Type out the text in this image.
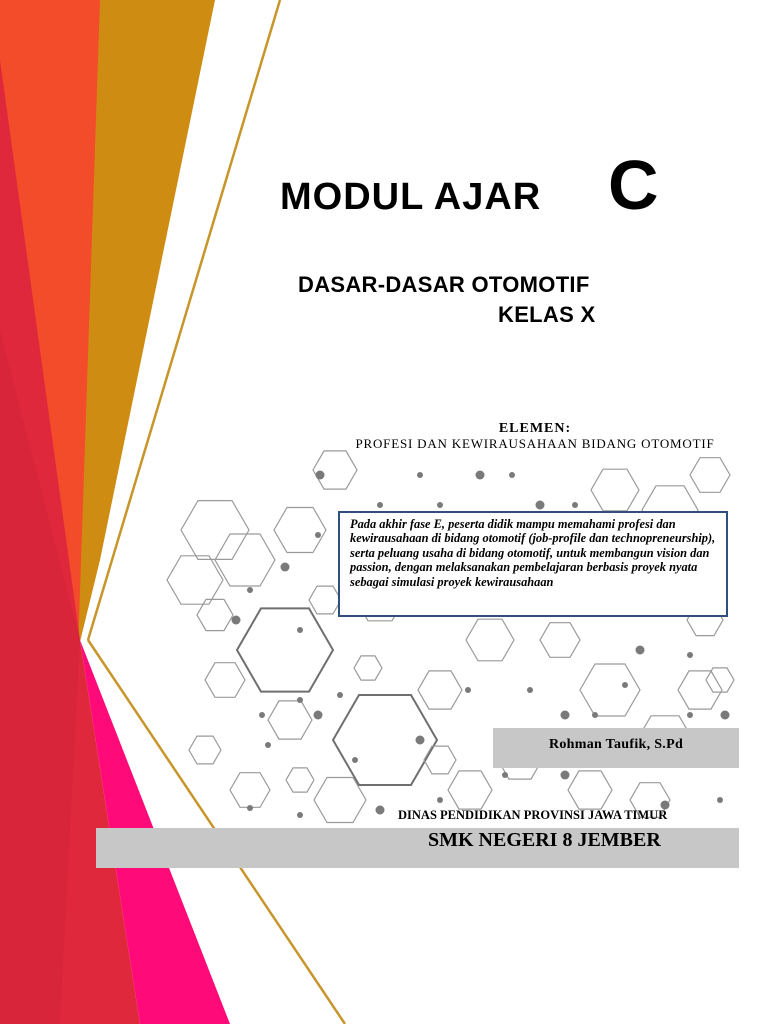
MODUL AJAR C
DASAR-DASAR OTOMOTIF
KELAS X
ELEMEN:
PROFESI DAN KEWIRAUSAHAAN BIDANG OTOMOTIF
Pada akhir fase E, peserta didik mampu memahami profesi dan kewirausahaan di bidang otomotif (job-profile dan technopreneurship), serta peluang usaha di bidang otomotif, untuk membangun vision dan passion, dengan melaksanakan pembelajaran berbasis proyek nyata sebagai simulasi proyek kewirausahaan
Rohman Taufik, S.Pd
DINAS PENDIDIKAN PROVINSI JAWA TIMUR
SMK NEGERI 8 JEMBER
